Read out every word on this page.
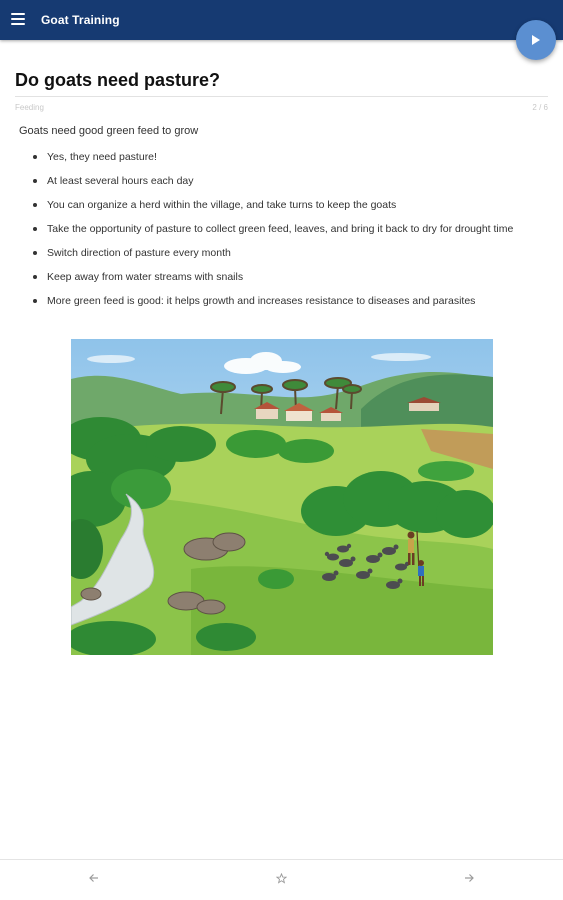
Goat Training
Do goats need pasture?
Feeding	2 / 6
Goats need good green feed to grow
Yes, they need pasture!
At least several hours each day
You can organize a herd within the village, and take turns to keep the goats
Take the opportunity of pasture to collect green feed, leaves, and bring it back to dry for drought time
Switch direction of pasture every month
Keep away from water streams with snails
More green feed is good: it helps growth and increases resistance to diseases and parasites
